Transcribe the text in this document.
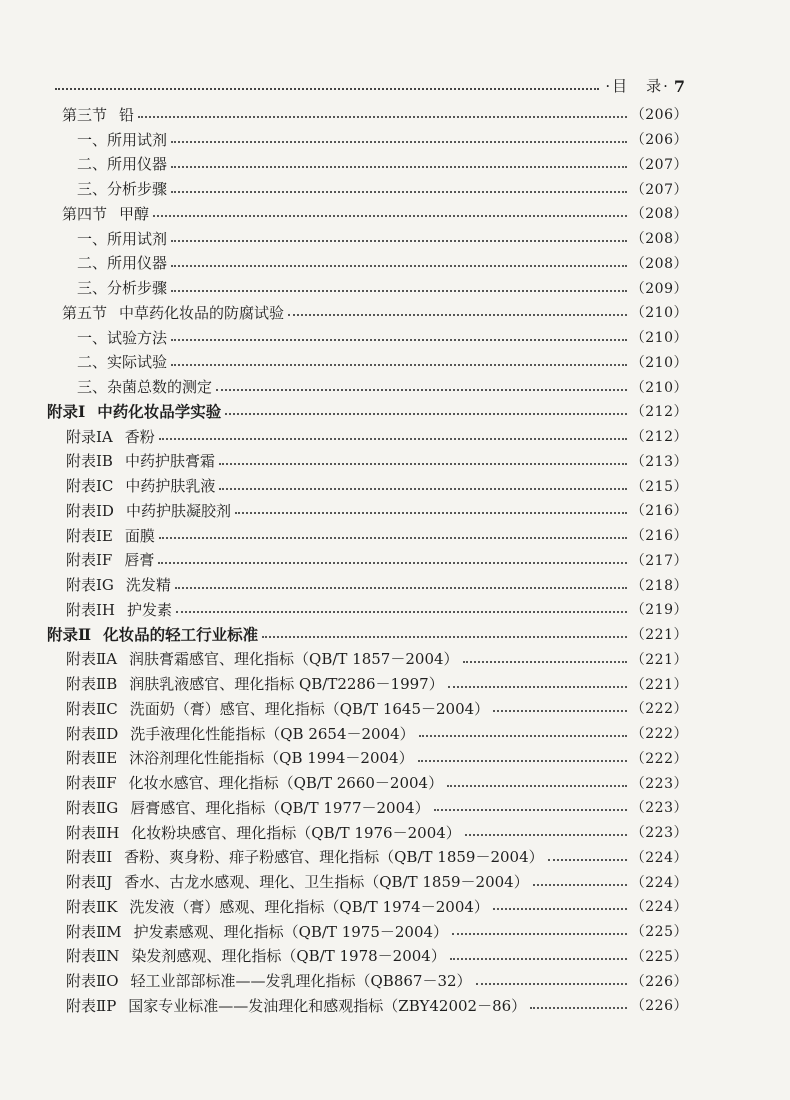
·目　录· 7
第三节 铅	（206）
一、所用试剂	（206）
二、所用仪器	（207）
三、分析步骤	（207）
第四节 甲醇	（208）
一、所用试剂	（208）
二、所用仪器	（208）
三、分析步骤	（209）
第五节 中草药化妆品的防腐试验	（210）
一、试验方法	（210）
二、实际试验	（210）
三、杂菌总数的测定	（210）
附录Ⅰ 中药化妆品学实验	（212）
附录ⅠA 香粉	（212）
附表ⅠB 中药护肤膏霜	（213）
附表ⅠC 中药护肤乳液	（215）
附表ⅠD 中药护肤凝胶剂	（216）
附表ⅠE 面膜	（216）
附表ⅠF 唇膏	（217）
附表ⅠG 洗发精	（218）
附表ⅠH 护发素	（219）
附录Ⅱ 化妆品的轻工行业标准	（221）
附表ⅡA 润肤膏霜感官、理化指标（QB/T 1857－2004）	（221）
附表ⅡB 润肤乳液感官、理化指标 QB/T2286－1997）	（221）
附表ⅡC 洗面奶（膏）感官、理化指标（QB/T 1645－2004）	（222）
附表ⅡD 洗手液理化性能指标（QB 2654－2004）	（222）
附表ⅡE 沐浴剂理化性能指标（QB 1994－2004）	（222）
附表ⅡF 化妆水感官、理化指标（QB/T 2660－2004）	（223）
附表ⅡG 唇膏感官、理化指标（QB/T 1977－2004）	（223）
附表ⅡH 化妆粉块感官、理化指标（QB/T 1976－2004）	（223）
附表ⅡI 香粉、爽身粉、痱子粉感官、理化指标（QB/T 1859－2004）	（224）
附表ⅡJ 香水、古龙水感观、理化、卫生指标（QB/T 1859－2004）	（224）
附表ⅡK 洗发液（膏）感观、理化指标（QB/T 1974－2004）	（224）
附表ⅡM 护发素感观、理化指标（QB/T 1975－2004）	（225）
附表ⅡN 染发剂感观、理化指标（QB/T 1978－2004）	（225）
附表ⅡO 轻工业部部标准——发乳理化指标（QB867－32）	（226）
附表ⅡP 国家专业标准——发油理化和感观指标（ZBY42002－86）	（226）
